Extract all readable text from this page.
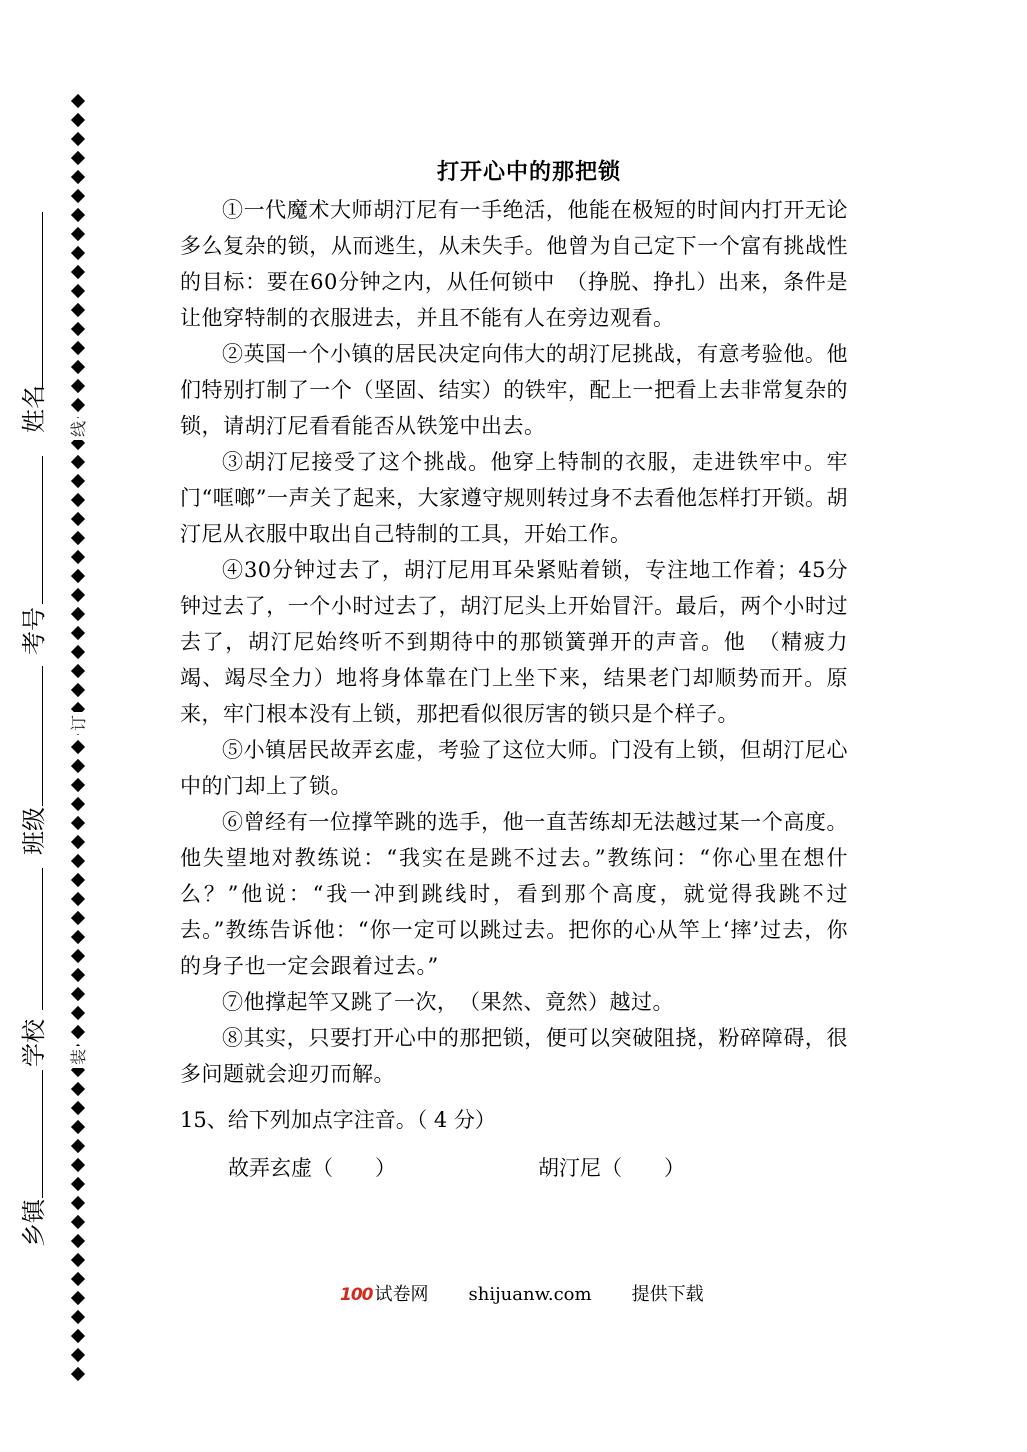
线
订
装
姓名
考号
班级
学校
乡镇
打开心中的那把锁

①一代魔术大师胡汀尼有一手绝活，他能在极短的时间内打开无论多么复杂的锁，从而逃生，从未失手。他曾为自己定下一个富有挑战性的目标：要在60分钟之内，从任何锁中　（挣脱、挣扎）出来，条件是让他穿特制的衣服进去，并且不能有人在旁边观看。

②英国一个小镇的居民决定向伟大的胡汀尼挑战，有意考验他。他们特别打制了一个（坚固、结实）的铁牢，配上一把看上去非常复杂的锁，请胡汀尼看看能否从铁笼中出去。

③胡汀尼接受了这个挑战。他穿上特制的衣服，走进铁牢中。牢门“哐啷”一声关了起来，大家遵守规则转过身不去看他怎样打开锁。胡汀尼从衣服中取出自己特制的工具，开始工作。

④30分钟过去了，胡汀尼用耳朵紧贴着锁，专注地工作着；45分钟过去了，一个小时过去了，胡汀尼头上开始冒汗。最后，两个小时过去了，胡汀尼始终听不到期待中的那锁簧弹开的声音。他　（精疲力竭、竭尽全力）地将身体靠在门上坐下来，结果老门却顺势而开。原来，牢门根本没有上锁，那把看似很厉害的锁只是个样子。

⑤小镇居民故弄玄虚，考验了这位大师。门没有上锁，但胡汀尼心中的门却上了锁。

⑥曾经有一位撑竿跳的选手，他一直苦练却无法越过某一个高度。他失望地对教练说：“我实在是跳不过去。”教练问：“你心里在想什么？”他说：“我一冲到跳线时，看到那个高度，就觉得我跳不过去。”教练告诉他：“你一定可以跳过去。把你的心从竿上‘摔’过去，你的身子也一定会跟着过去。”

⑦他撑起竿又跳了一次，　（果然、竟然）越过。

⑧其实，只要打开心中的那把锁，便可以突破阻挠，粉碎障碍，很多问题就会迎刃而解。

15、给下列加点字注音。（ 4 分）
故弄玄虚（　　）	胡汀尼（　　）
100 试卷网 shijuanw.com 提供下载
